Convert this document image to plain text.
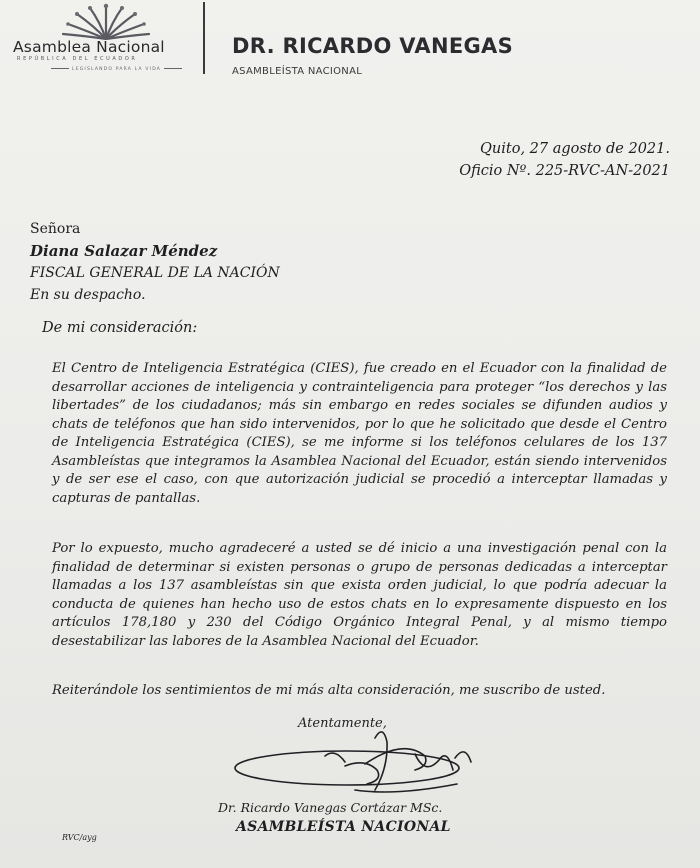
Asamblea Nacional
REPÚBLICA DEL ECUADOR
LEGISLANDO PARA LA VIDA
DR. RICARDO VANEGAS
ASAMBLEÍSTA NACIONAL
Quito, 27 agosto de 2021.
Oficio Nº. 225-RVC-AN-2021
Señora
Diana Salazar Méndez
FISCAL GENERAL DE LA NACIÓN
En su despacho.
De mi consideración:
El Centro de Inteligencia Estratégica (CIES), fue creado en el Ecuador con la finalidad de desarrollar acciones de inteligencia y contrainteligencia para proteger “los derechos y las libertades” de los ciudadanos; más sin embargo en redes sociales se difunden audios y chats de teléfonos que han sido intervenidos, por lo que he solicitado que desde el Centro de Inteligencia Estratégica (CIES), se me informe si los teléfonos celulares de los 137 Asambleístas que integramos la Asamblea Nacional del Ecuador, están siendo intervenidos y de ser ese el caso, con que autorización judicial se procedió a interceptar llamadas y capturas de pantallas.
Por lo expuesto, mucho agradeceré a usted se dé inicio a una investigación penal con la finalidad de determinar si existen personas o grupo de personas dedicadas a interceptar llamadas a los 137 asambleístas sin que exista orden judicial, lo que podría adecuar la conducta de quienes han hecho uso de estos chats en lo expresamente dispuesto en los artículos 178,180 y 230 del Código Orgánico Integral Penal, y al mismo tiempo desestabilizar las labores de la Asamblea Nacional del Ecuador.
Reiterándole los sentimientos de mi más alta consideración, me suscribo de usted.
Atentamente,
Dr. Ricardo Vanegas Cortázar MSc.
ASAMBLEÍSTA NACIONAL
RVC/ayg
